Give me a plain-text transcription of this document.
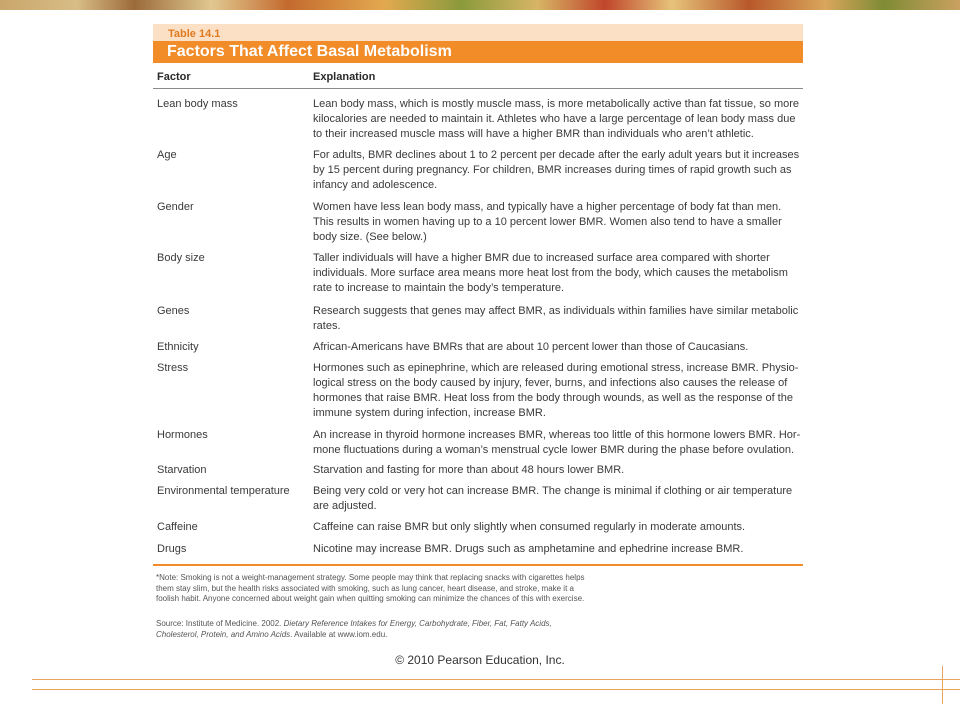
Table 14.1
Factors That Affect Basal Metabolism
Factor	Explanation
Lean body mass	Lean body mass, which is mostly muscle mass, is more metabolically active than fat tissue, so more kilocalories are needed to maintain it. Athletes who have a large percentage of lean body mass due to their increased muscle mass will have a higher BMR than individuals who aren’t athletic.
Age	For adults, BMR declines about 1 to 2 percent per decade after the early adult years but it increases by 15 percent during pregnancy. For children, BMR increases during times of rapid growth such as infancy and adolescence.
Gender	Women have less lean body mass, and typically have a higher percentage of body fat than men. This results in women having up to a 10 percent lower BMR. Women also tend to have a smaller body size. (See below.)
Body size	Taller individuals will have a higher BMR due to increased surface area compared with shorter individuals. More surface area means more heat lost from the body, which causes the metabolism rate to increase to maintain the body’s temperature.
Genes	Research suggests that genes may affect BMR, as individuals within families have similar metabolic rates.
Ethnicity	African-Americans have BMRs that are about 10 percent lower than those of Caucasians.
Stress	Hormones such as epinephrine, which are released during emotional stress, increase BMR. Physio-logical stress on the body caused by injury, fever, burns, and infections also causes the release of hormones that raise BMR. Heat loss from the body through wounds, as well as the response of the immune system during infection, increase BMR.
Hormones	An increase in thyroid hormone increases BMR, whereas too little of this hormone lowers BMR. Hor-mone fluctuations during a woman’s menstrual cycle lower BMR during the phase before ovulation.
Starvation	Starvation and fasting for more than about 48 hours lower BMR.
Environmental temperature	Being very cold or very hot can increase BMR. The change is minimal if clothing or air temperature are adjusted.
Caffeine	Caffeine can raise BMR but only slightly when consumed regularly in moderate amounts.
Drugs	Nicotine may increase BMR. Drugs such as amphetamine and ephedrine increase BMR.
*Note: Smoking is not a weight-management strategy. Some people may think that replacing snacks with cigarettes helps them stay slim, but the health risks associated with smoking, such as lung cancer, heart disease, and stroke, make it a foolish habit. Anyone concerned about weight gain when quitting smoking can minimize the chances of this with exercise.
Source: Institute of Medicine. 2002. Dietary Reference Intakes for Energy, Carbohydrate, Fiber, Fat, Fatty Acids, Cholesterol, Protein, and Amino Acids. Available at www.iom.edu.
© 2010 Pearson Education, Inc.
